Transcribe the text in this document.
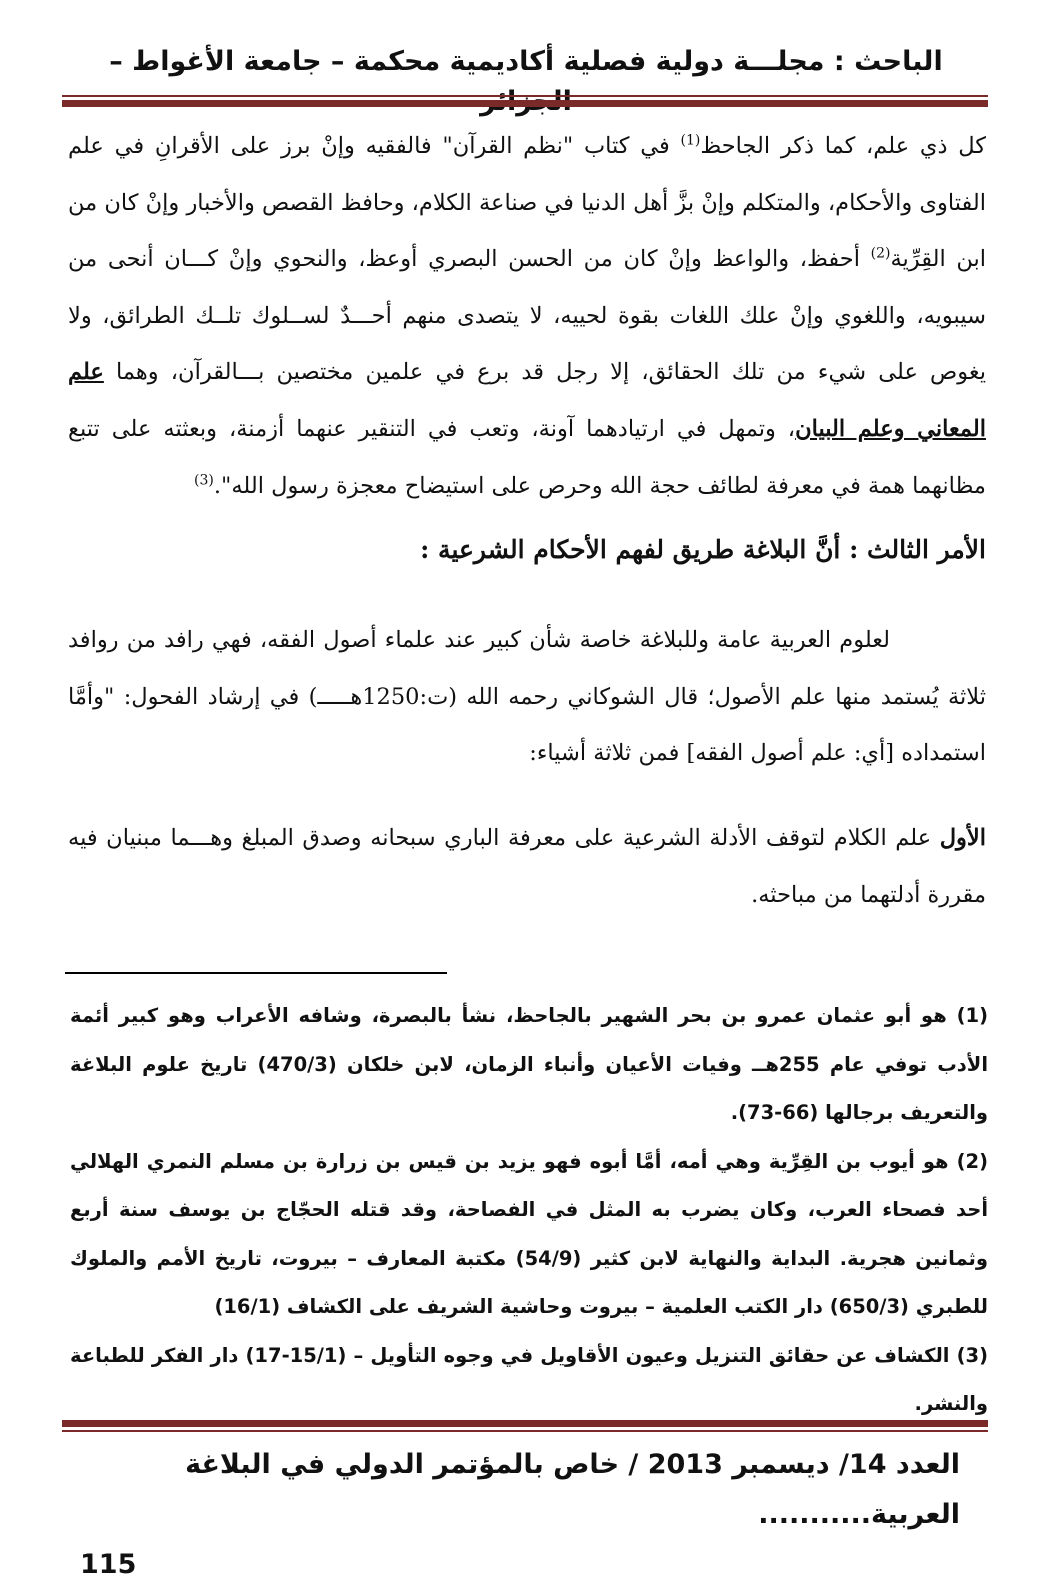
الباحث : مجلـــة دولية فصلية أكاديمية محكمة – جامعة الأغواط –

كل ذي علم، كما ذكر الجاحظ$^{(1)}$ في كتاب "نظم القرآن" فالفقيه وإنْ برز على الأقرانِ في علم الفتاوى والأحكام، والمتكلم وإنْ بزَّ أهل الدنيا في صناعة الكلام، وحافظ القصص والأخبار وإنْ كان من ابن القِرِّية$^{(2)}$ أحفظ، والواعظ وإنْ كان من الحسن البصري أوعظ، والنحوي وإنْ كـــان أنحى من سيبويه، واللغوي وإنْ علك اللغات بقوة لحييه، لا يتصدى منهم أحـــدٌ لســلوك تلــك الطرائق، ولا يغوص على شيء من تلك الحقائق، إلا رجل قد برع في علمين مختصين بـــالقرآن، وهما علم المعاني وعلم البيان، وتمهل في ارتيادهما آونة، وتعب في التنقير عنهما أزمنة، وبعثته على تتبع مظانهما همة في معرفة لطائف حجة الله وحرص على استيضاح معجزة رسول الله".$^{(3)}$

الأمر الثالث : أنَّ البلاغة طريق لفهم الأحكام الشرعية :

لعلوم العربية عامة وللبلاغة خاصة شأن كبير عند علماء أصول الفقه، فهي رافد من روافد ثلاثة يُستمد منها علم الأصول؛ قال الشوكاني رحمه الله (ت:1250هـــــ) في إرشاد الفحول: "وأمَّا استمداده [أي: علم أصول الفقه] فمن ثلاثة أشياء:

الأول علم الكلام لتوقف الأدلة الشرعية على معرفة الباري سبحانه وصدق المبلغ وهـــما مبنيان فيه مقررة أدلتهما من مباحثه.

(1) هو أبو عثمان عمرو بن بحر الشهير بالجاحظ، نشأ بالبصرة، وشافه الأعراب وهو كبير أئمة الأدب توفي عام 255هــ وفيات الأعيان وأنباء الزمان، لابن خلكان (470/3) تاريخ علوم البلاغة والتعريف برجالها (66-73).

(2) هو أيوب بن القِرِّية وهي أمه، أمَّا أبوه فهو يزيد بن قيس بن زرارة بن مسلم النمري الهلالي أحد فصحاء العرب، وكان يضرب به المثل في الفصاحة، وقد قتله الحجّاج بن يوسف سنة أربع وثمانين هجرية. البداية والنهاية لابن كثير (54/9) مكتبة المعارف – بيروت، تاريخ الأمم والملوك للطبري (650/3) دار الكتب العلمية – بيروت وحاشية الشريف على الكشاف (16/1)

(3) الكشاف عن حقائق التنزيل وعيون الأقاويل في وجوه التأويل – (15/1-17) دار الفكر للطباعة والنشر.

العدد 14/ ديسمبر 2013 / خاص بالمؤتمر الدولي في البلاغة العربية...........
115
